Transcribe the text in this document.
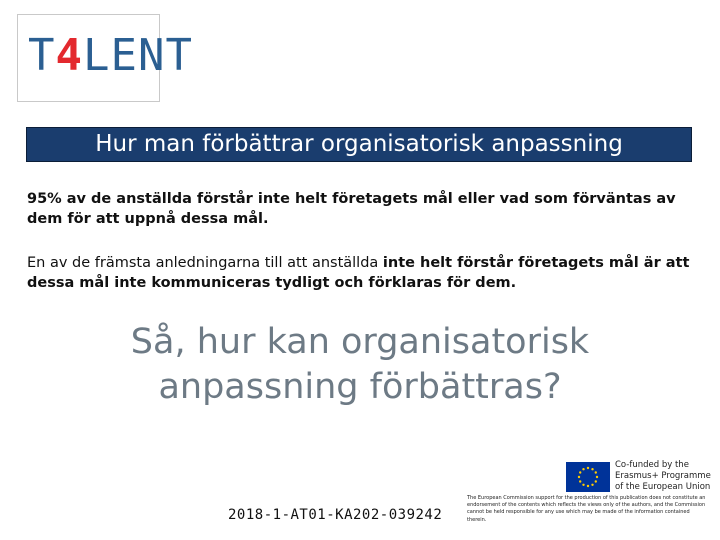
T4LENT
Hur man förbättrar organisatorisk anpassning
95% av de anställda förstår inte helt företagets mål eller vad som förväntas av dem för att uppnå dessa mål.
En av de främsta anledningarna till att anställda inte helt förstår företagets mål är att dessa mål inte kommuniceras tydligt och förklaras för dem.
Så, hur kan organisatorisk anpassning förbättras?
2018-1-AT01-KA202-039242
Co-funded by the
Erasmus+ Programme
of the European Union
The European Commission support for the production of this publication does not constitute an endorsement of the contents which reflects the views only of the authors, and the Commission cannot be held responsible for any use which may be made of the information contained therein.
